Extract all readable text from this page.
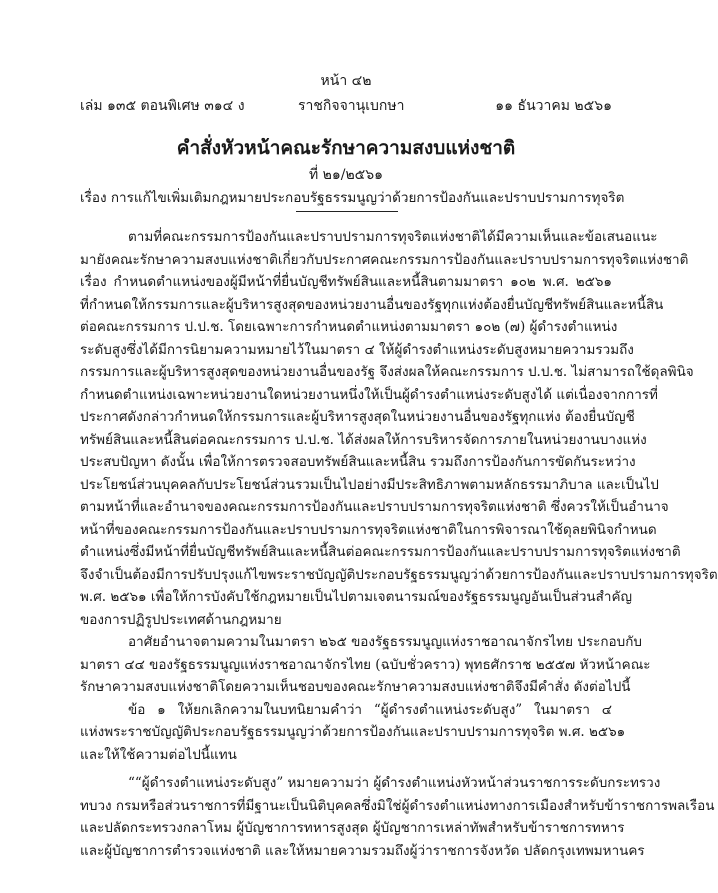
หน้า ๔๒
เล่ม ๑๓๕ ตอนพิเศษ ๓๑๔ ง	ราชกิจจานุเบกษา	๑๑ ธันวาคม ๒๕๖๑
คำสั่งหัวหน้าคณะรักษาความสงบแห่งชาติ
ที่ ๒๑/๒๕๖๑
เรื่อง การแก้ไขเพิ่มเติมกฎหมายประกอบรัฐธรรมนูญว่าด้วยการป้องกันและปราบปรามการทุจริต
ตามที่คณะกรรมการป้องกันและปราบปรามการทุจริตแห่งชาติได้มีความเห็นและข้อเสนอแนะ
มายังคณะรักษาความสงบแห่งชาติเกี่ยวกับประกาศคณะกรรมการป้องกันและปราบปรามการทุจริตแห่งชาติ
เรื่อง กำหนดตำแหน่งของผู้มีหน้าที่ยื่นบัญชีทรัพย์สินและหนี้สินตามมาตรา ๑๐๒ พ.ศ. ๒๕๖๑
ที่กำหนดให้กรรมการและผู้บริหารสูงสุดของหน่วยงานอื่นของรัฐทุกแห่งต้องยื่นบัญชีทรัพย์สินและหนี้สิน
ต่อคณะกรรมการ ป.ป.ช. โดยเฉพาะการกำหนดตำแหน่งตามมาตรา ๑๐๒ (๗) ผู้ดำรงตำแหน่ง
ระดับสูงซึ่งได้มีการนิยามความหมายไว้ในมาตรา ๔ ให้ผู้ดำรงตำแหน่งระดับสูงหมายความรวมถึง
กรรมการและผู้บริหารสูงสุดของหน่วยงานอื่นของรัฐ จึงส่งผลให้คณะกรรมการ ป.ป.ช. ไม่สามารถใช้ดุลพินิจ
กำหนดตำแหน่งเฉพาะหน่วยงานใดหน่วยงานหนึ่งให้เป็นผู้ดำรงตำแหน่งระดับสูงได้ แต่เนื่องจากการที่
ประกาศดังกล่าวกำหนดให้กรรมการและผู้บริหารสูงสุดในหน่วยงานอื่นของรัฐทุกแห่ง ต้องยื่นบัญชี
ทรัพย์สินและหนี้สินต่อคณะกรรมการ ป.ป.ช. ได้ส่งผลให้การบริหารจัดการภายในหน่วยงานบางแห่ง
ประสบปัญหา ดังนั้น เพื่อให้การตรวจสอบทรัพย์สินและหนี้สิน รวมถึงการป้องกันการขัดกันระหว่าง
ประโยชน์ส่วนบุคคลกับประโยชน์ส่วนรวมเป็นไปอย่างมีประสิทธิภาพตามหลักธรรมาภิบาล และเป็นไป
ตามหน้าที่และอำนาจของคณะกรรมการป้องกันและปราบปรามการทุจริตแห่งชาติ ซึ่งควรให้เป็นอำนาจ
หน้าที่ของคณะกรรมการป้องกันและปราบปรามการทุจริตแห่งชาติในการพิจารณาใช้ดุลยพินิจกำหนด
ตำแหน่งซึ่งมีหน้าที่ยื่นบัญชีทรัพย์สินและหนี้สินต่อคณะกรรมการป้องกันและปราบปรามการทุจริตแห่งชาติ
จึงจำเป็นต้องมีการปรับปรุงแก้ไขพระราชบัญญัติประกอบรัฐธรรมนูญว่าด้วยการป้องกันและปราบปรามการทุจริต
พ.ศ. ๒๕๖๑ เพื่อให้การบังคับใช้กฎหมายเป็นไปตามเจตนารมณ์ของรัฐธรรมนูญอันเป็นส่วนสำคัญ
ของการปฏิรูปประเทศด้านกฎหมาย
อาศัยอำนาจตามความในมาตรา ๒๖๕ ของรัฐธรรมนูญแห่งราชอาณาจักรไทย ประกอบกับ
มาตรา ๔๔ ของรัฐธรรมนูญแห่งราชอาณาจักรไทย (ฉบับชั่วคราว) พุทธศักราช ๒๕๕๗ หัวหน้าคณะ
รักษาความสงบแห่งชาติโดยความเห็นชอบของคณะรักษาความสงบแห่งชาติจึงมีคำสั่ง ดังต่อไปนี้
ข้อ ๑ ให้ยกเลิกความในบทนิยามคำว่า “ผู้ดำรงตำแหน่งระดับสูง” ในมาตรา ๔
แห่งพระราชบัญญัติประกอบรัฐธรรมนูญว่าด้วยการป้องกันและปราบปรามการทุจริต พ.ศ. ๒๕๖๑
และให้ใช้ความต่อไปนี้แทน
““ผู้ดำรงตำแหน่งระดับสูง” หมายความว่า ผู้ดำรงตำแหน่งหัวหน้าส่วนราชการระดับกระทรวง
ทบวง กรมหรือส่วนราชการที่มีฐานะเป็นนิติบุคคลซึ่งมิใช่ผู้ดำรงตำแหน่งทางการเมืองสำหรับข้าราชการพลเรือน
และปลัดกระทรวงกลาโหม ผู้บัญชาการทหารสูงสุด ผู้บัญชาการเหล่าทัพสำหรับข้าราชการทหาร
และผู้บัญชาการตำรวจแห่งชาติ และให้หมายความรวมถึงผู้ว่าราชการจังหวัด ปลัดกรุงเทพมหานคร
